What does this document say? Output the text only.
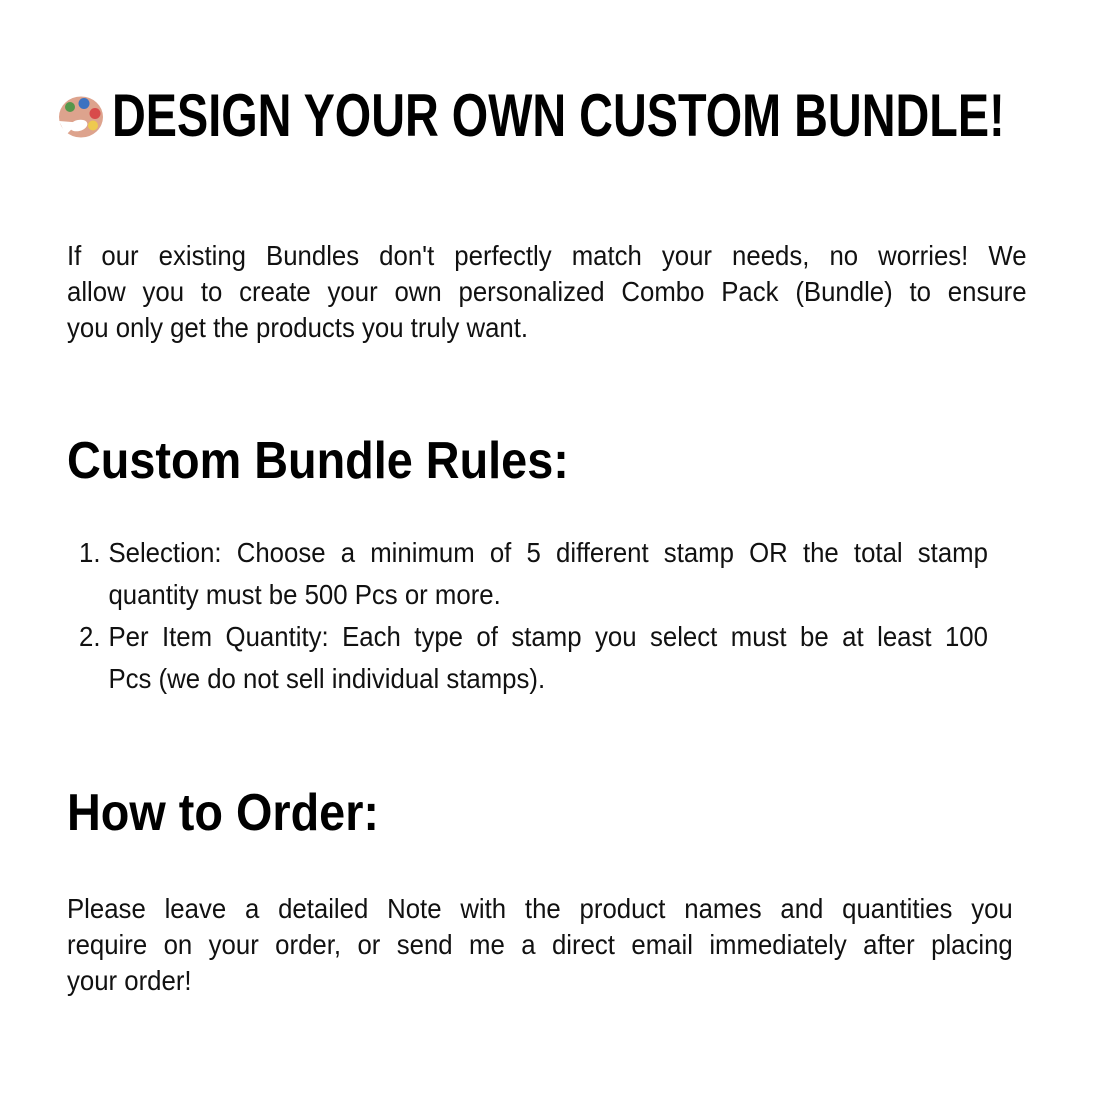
DESIGN YOUR OWN CUSTOM BUNDLE!
If our existing Bundles don't perfectly match your needs, no worries! We
allow you to create your own personalized Combo Pack (Bundle) to ensure
you only get the products you truly want.
Custom Bundle Rules:
1. Selection: Choose a minimum of 5 different stamp OR the total stamp
quantity must be 500 Pcs or more.
2. Per Item Quantity: Each type of stamp you select must be at least 100
Pcs (we do not sell individual stamps).
How to Order:
Please leave a detailed Note with the product names and quantities you
require on your order, or send me a direct email immediately after placing
your order!
